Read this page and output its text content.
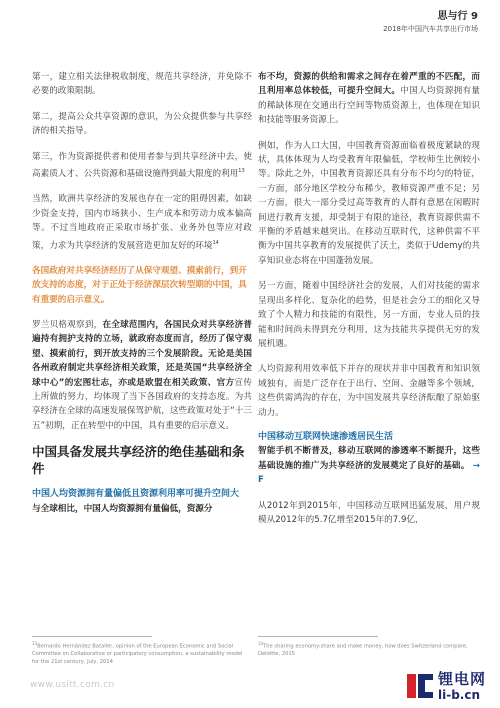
思与行 9
2018年中国汽车共享出行市场

第一，建立相关法律税收制度，规范共享经济，并免除不必要的政策限制。

第二，提高公众共享资源的意识，为公众提供参与共享经济的相关指导。

第三，作为资源提供者和使用者参与到共享经济中去，使高素质人才、公共资源和基础设施得到最大限度的利用$^{13}$

当然，欧洲共享经济的发展也存在一定的阻碍因素，如缺少资金支持，国内市场狭小、生产成本和劳动力成本偏高等。不过当地政府正采取市场扩张、业务外包等应对政策，力求为共享经济的发展营造更加友好的环境$^{14}$

各国政府对共享经济经历了从保守观望、摸索前行，到开放支持的态度，对于正处于经济深层次转型期的中国，具有重要的启示意义。

罗兰贝格观察到，在全球范围内，各国民众对共享经济普遍持有拥护支持的立场，就政府态度而言，经历了保守观望、摸索前行，到开放支持的三个发展阶段。无论是美国各州政府制定共享经济相关政策，还是英国“共享经济全球中心”的宏图壮志，亦或是欧盟在相关政策、官方宣传上所做的努力，均体现了当下各国政府的支持态度。为共享经济在全球的高速发展保驾护航，这些政策对处于“十三五”初期，正在转型中的中国，具有重要的启示意义。

中国具备发展共享经济的绝佳基础和条件
中国人均资源拥有量偏低且资源利用率可提升空间大

与全球相比，中国人均资源拥有量偏低，资源分

布不均，资源的供给和需求之间存在着严重的不匹配，而且利用率总体较低，可提升空间大。中国人均资源拥有量的稀缺体现在交通出行空间等物质资源上，也体现在知识和技能等服务资源上。

例如，作为人口大国，中国教育资源面临着极度紧缺的现状，具体体现为人均受教育年限偏低，学校师生比例较小等。除此之外，中国教育资源还具有分布不均匀的特征，一方面，部分地区学校分布稀少，教师资源严重不足；另一方面，很大一部分受过高等教育的人群有意愿在闲暇时间进行教育支援，却受制于有限的途径，教育资源供需不平衡的矛盾越来越突出。在移动互联时代，这种供需不平衡为中国共享教育的发展提供了沃土，类似于Udemy的共享知识业态将在中国蓬勃发展。

另一方面，随着中国经济社会的发展，人们对技能的需求呈现出多样化、复杂化的趋势，但是社会分工的细化又导致了个人精力和技能的有限性，另一方面，专业人员的技能和时间尚未得到充分利用，这为技能共享提供无穷的发展机遇。

人均资源利用效率低下并存的现状并非中国教育和知识领域独有，而是广泛存在于出行、空间、金融等多个领域，这些供需鸿沟的存在，为中国发展共享经济酝酿了原始驱动力。

中国移动互联网快速渗透居民生活

智能手机不断普及，移动互联网的渗透率不断提升，这些基础设施的推广为共享经济的发展奠定了良好的基础。 → F

从2012年到2015年，中国移动互联网迅猛发展，用户规模从2012年的5.7亿增至2015年的7.9亿，

$^{13}$Bernardo Hernández Bataller, opinion of the European Economic and Social Committee on Collaborative or participatory consumption, a sustainability model for the 21st century, July, 2014
$^{14}$The sharing economy:share and make money, how does Switzerland compare, Deloitte, 2015
www.usitt.com.cn	锂电网
li-b.cn
